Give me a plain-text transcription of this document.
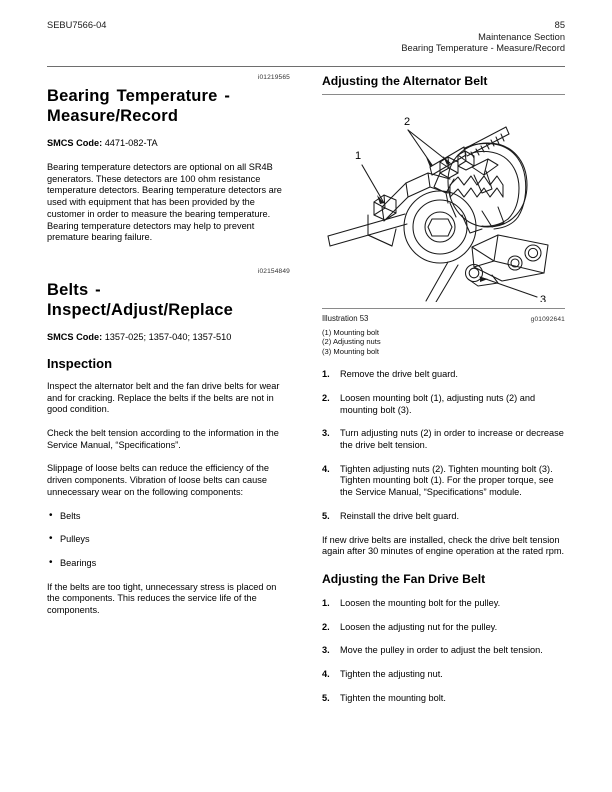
SEBU7566-04	85
Maintenance Section
Bearing Temperature - Measure/Record
i01219565
Bearing Temperature - Measure/Record

SMCS Code: 4471-082-TA

Bearing temperature detectors are optional on all SR4B generators. These detectors are 100 ohm resistance temperature detectors. Bearing temperature detectors are used with equipment that has been provided by the customer in order to measure the bearing temperature. Bearing temperature detectors may help to prevent premature bearing failure.

i02154849
Belts - Inspect/Adjust/Replace

SMCS Code: 1357-025; 1357-040; 1357-510

Inspection

Inspect the alternator belt and the fan drive belts for wear and for cracking. Replace the belts if the belts are not in good condition.

Check the belt tension according to the information in the Service Manual, “Specifications”.

Slippage of loose belts can reduce the efficiency of the driven components. Vibration of loose belts can cause unnecessary wear on the following components:

• Belts
• Pulleys
• Bearings

If the belts are too tight, unnecessary stress is placed on the components. This reduces the service life of the components.

Adjusting the Alternator Belt
1
2
3
Illustration 53	g01092641
(1) Mounting bolt
(2) Adjusting nuts
(3) Mounting bolt
Remove the drive belt guard.
Loosen mounting bolt (1), adjusting nuts (2) and mounting bolt (3).
Turn adjusting nuts (2) in order to increase or decrease the drive belt tension.
Tighten adjusting nuts (2). Tighten mounting bolt (3). Tighten mounting bolt (1). For the proper torque, see the Service Manual, “Specifications” module.
Reinstall the drive belt guard.

If new drive belts are installed, check the drive belt tension again after 30 minutes of engine operation at the rated rpm.

Adjusting the Fan Drive Belt
Loosen the mounting bolt for the pulley.
Loosen the adjusting nut for the pulley.
Move the pulley in order to adjust the belt tension.
Tighten the adjusting nut.
Tighten the mounting bolt.
